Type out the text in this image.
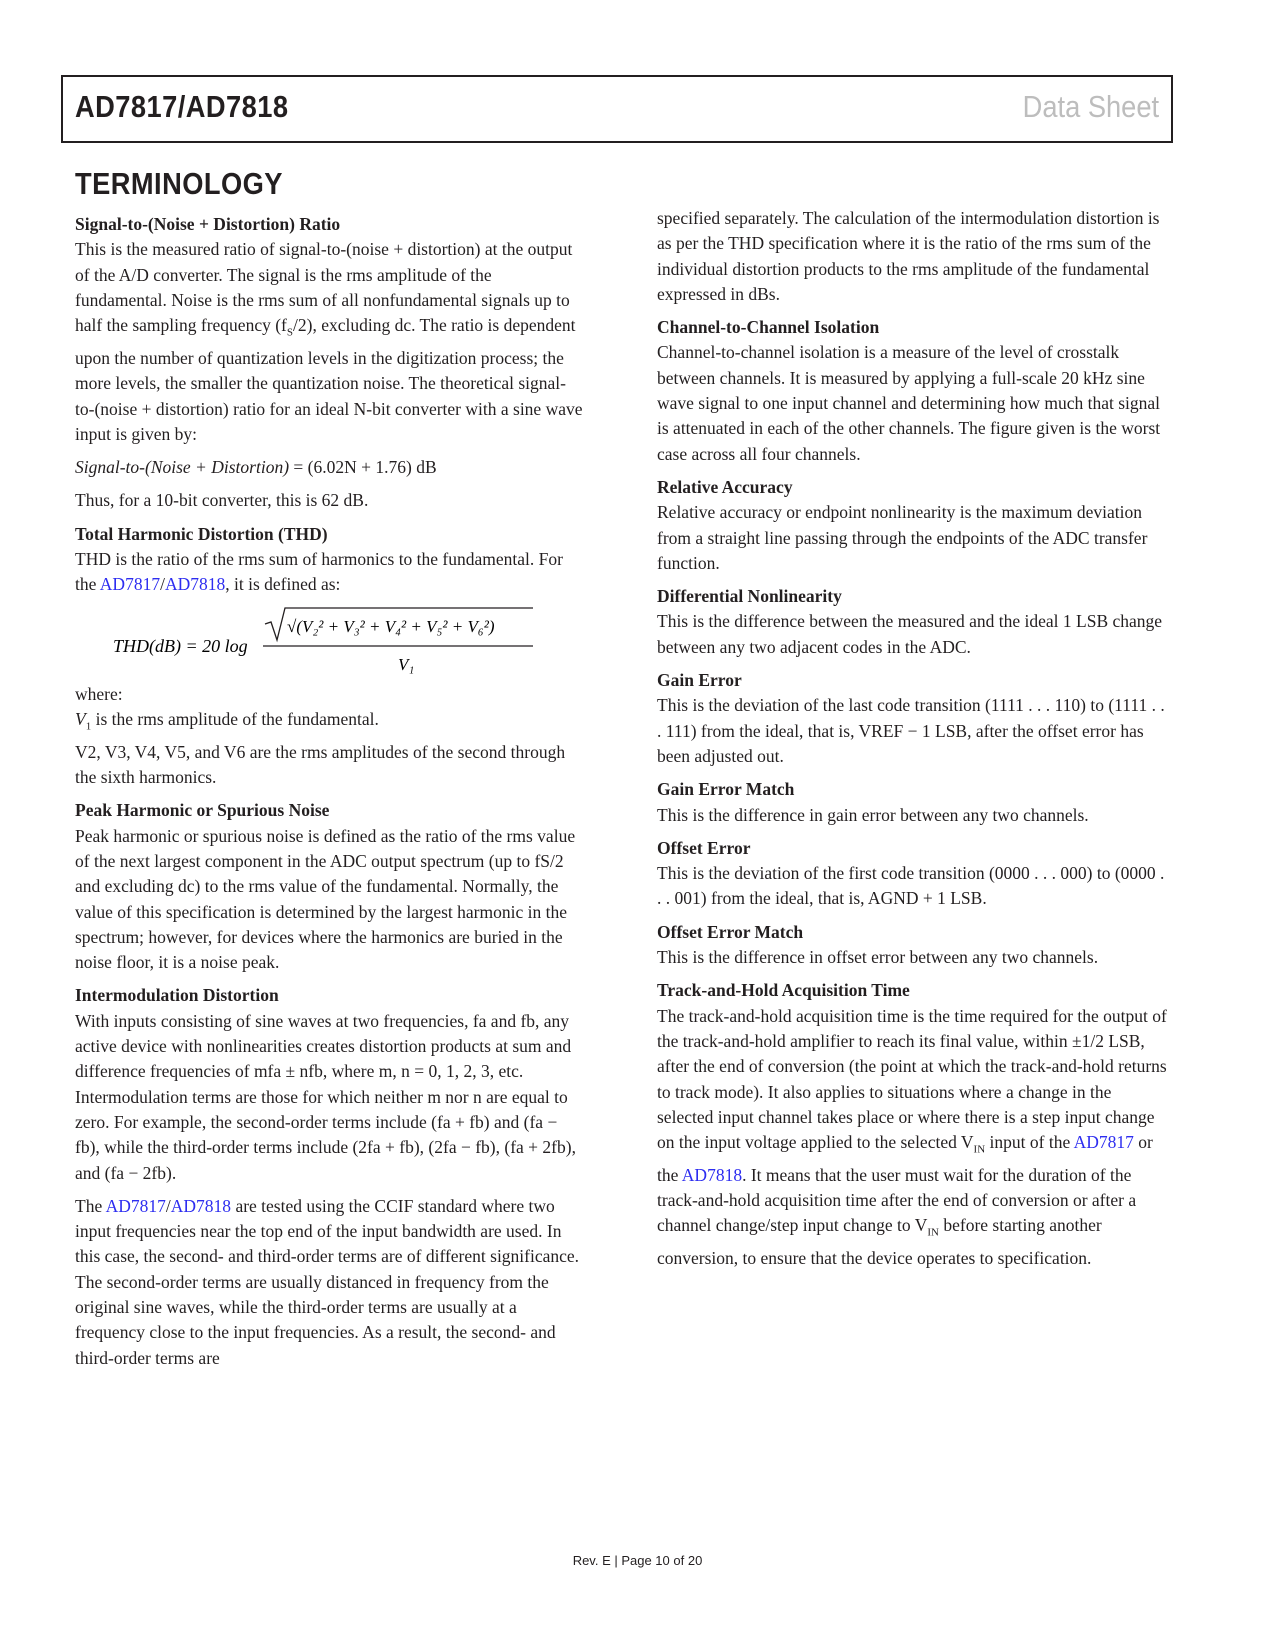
AD7817/AD7818	Data Sheet
TERMINOLOGY
Signal-to-(Noise + Distortion) Ratio

This is the measured ratio of signal-to-(noise + distortion) at the output of the A/D converter. The signal is the rms amplitude of the fundamental. Noise is the rms sum of all nonfundamental signals up to half the sampling frequency $(f_S/2)$, excluding dc. The ratio is dependent upon the number of quantization levels in the digitization process; the more levels, the smaller the quantization noise. The theoretical signal-to-(noise + distortion) ratio for an ideal N-bit converter with a sine wave input is given by:

Signal-to-(Noise + Distortion) = (6.02N + 1.76) dB

Thus, for a 10-bit converter, this is 62 dB.

Total Harmonic Distortion (THD)

THD is the ratio of the rms sum of harmonics to the fundamental. For the AD7817/AD7818, it is defined as:

THD(dB) = 20 log
√(V₂² + V₃² + V₄² + V₅² + V₆²)
V₁

where:

$V_1$ is the rms amplitude of the fundamental.

V2, V3, V4, V5, and V6 are the rms amplitudes of the second through the sixth harmonics.

Peak Harmonic or Spurious Noise

Peak harmonic or spurious noise is defined as the ratio of the rms value of the next largest component in the ADC output spectrum (up to fS/2 and excluding dc) to the rms value of the fundamental. Normally, the value of this specification is determined by the largest harmonic in the spectrum; however, for devices where the harmonics are buried in the noise floor, it is a noise peak.

Intermodulation Distortion

With inputs consisting of sine waves at two frequencies, fa and fb, any active device with nonlinearities creates distortion products at sum and difference frequencies of mfa ± nfb, where m, n = 0, 1, 2, 3, etc. Intermodulation terms are those for which neither m nor n are equal to zero. For example, the second-order terms include (fa + fb) and (fa − fb), while the third-order terms include (2fa + fb), (2fa − fb), (fa + 2fb), and (fa − 2fb).

The AD7817/AD7818 are tested using the CCIF standard where two input frequencies near the top end of the input bandwidth are used. In this case, the second- and third-order terms are of different significance. The second-order terms are usually distanced in frequency from the original sine waves, while the third-order terms are usually at a frequency close to the input frequencies. As a result, the second- and third-order terms are

specified separately. The calculation of the intermodulation distortion is as per the THD specification where it is the ratio of the rms sum of the individual distortion products to the rms amplitude of the fundamental expressed in dBs.

Channel-to-Channel Isolation

Channel-to-channel isolation is a measure of the level of crosstalk between channels. It is measured by applying a full-scale 20 kHz sine wave signal to one input channel and determining how much that signal is attenuated in each of the other channels. The figure given is the worst case across all four channels.

Relative Accuracy

Relative accuracy or endpoint nonlinearity is the maximum deviation from a straight line passing through the endpoints of the ADC transfer function.

Differential Nonlinearity

This is the difference between the measured and the ideal 1 LSB change between any two adjacent codes in the ADC.

Gain Error

This is the deviation of the last code transition (1111 . . . 110) to (1111 . . . 111) from the ideal, that is, VREF − 1 LSB, after the offset error has been adjusted out.

Gain Error Match

This is the difference in gain error between any two channels.

Offset Error

This is the deviation of the first code transition (0000 . . . 000) to (0000 . . . 001) from the ideal, that is, AGND + 1 LSB.

Offset Error Match

This is the difference in offset error between any two channels.

Track-and-Hold Acquisition Time

The track-and-hold acquisition time is the time required for the output of the track-and-hold amplifier to reach its final value, within ±1/2 LSB, after the end of conversion (the point at which the track-and-hold returns to track mode). It also applies to situations where a change in the selected input channel takes place or where there is a step input change on the input voltage applied to the selected $V_{IN}$ input of the AD7817 or the AD7818. It means that the user must wait for the duration of the track-and-hold acquisition time after the end of conversion or after a channel change/step input change to $V_{IN}$ before starting another conversion, to ensure that the device operates to specification.

Rev. E | Page 10 of 20
